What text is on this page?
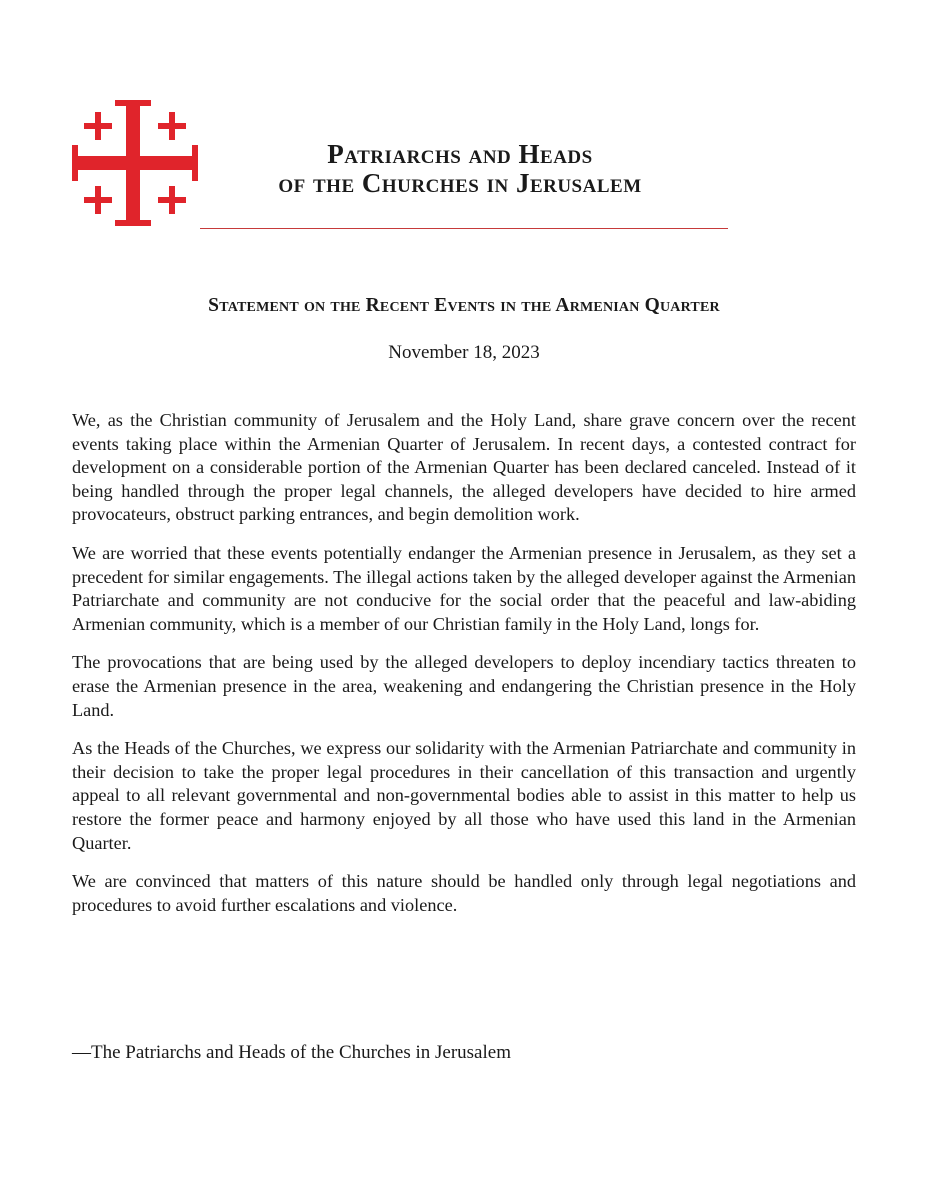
Patriarchs and Heads
of the Churches in Jerusalem
Statement on the Recent Events in the Armenian Quarter
November 18, 2023

We, as the Christian community of Jerusalem and the Holy Land, share grave concern over the recent events taking place within the Armenian Quarter of Jerusalem. In recent days, a contested contract for development on a considerable portion of the Armenian Quarter has been declared canceled. Instead of it being handled through the proper legal channels, the alleged developers have decided to hire armed provocateurs, obstruct parking entrances, and begin demolition work.

We are worried that these events potentially endanger the Armenian presence in Jerusalem, as they set a precedent for similar engagements. The illegal actions taken by the alleged developer against the Armenian Patriarchate and community are not conducive for the social order that the peaceful and law-abiding Armenian community, which is a member of our Christian family in the Holy Land, longs for.

The provocations that are being used by the alleged developers to deploy incendiary tactics threaten to erase the Armenian presence in the area, weakening and endangering the Christian presence in the Holy Land.

As the Heads of the Churches, we express our solidarity with the Armenian Patriarchate and community in their decision to take the proper legal procedures in their cancellation of this transaction and urgently appeal to all relevant governmental and non-governmental bodies able to assist in this matter to help us restore the former peace and harmony enjoyed by all those who have used this land in the Armenian Quarter.

We are convinced that matters of this nature should be handled only through legal negotiations and procedures to avoid further escalations and violence.

—The Patriarchs and Heads of the Churches in Jerusalem
